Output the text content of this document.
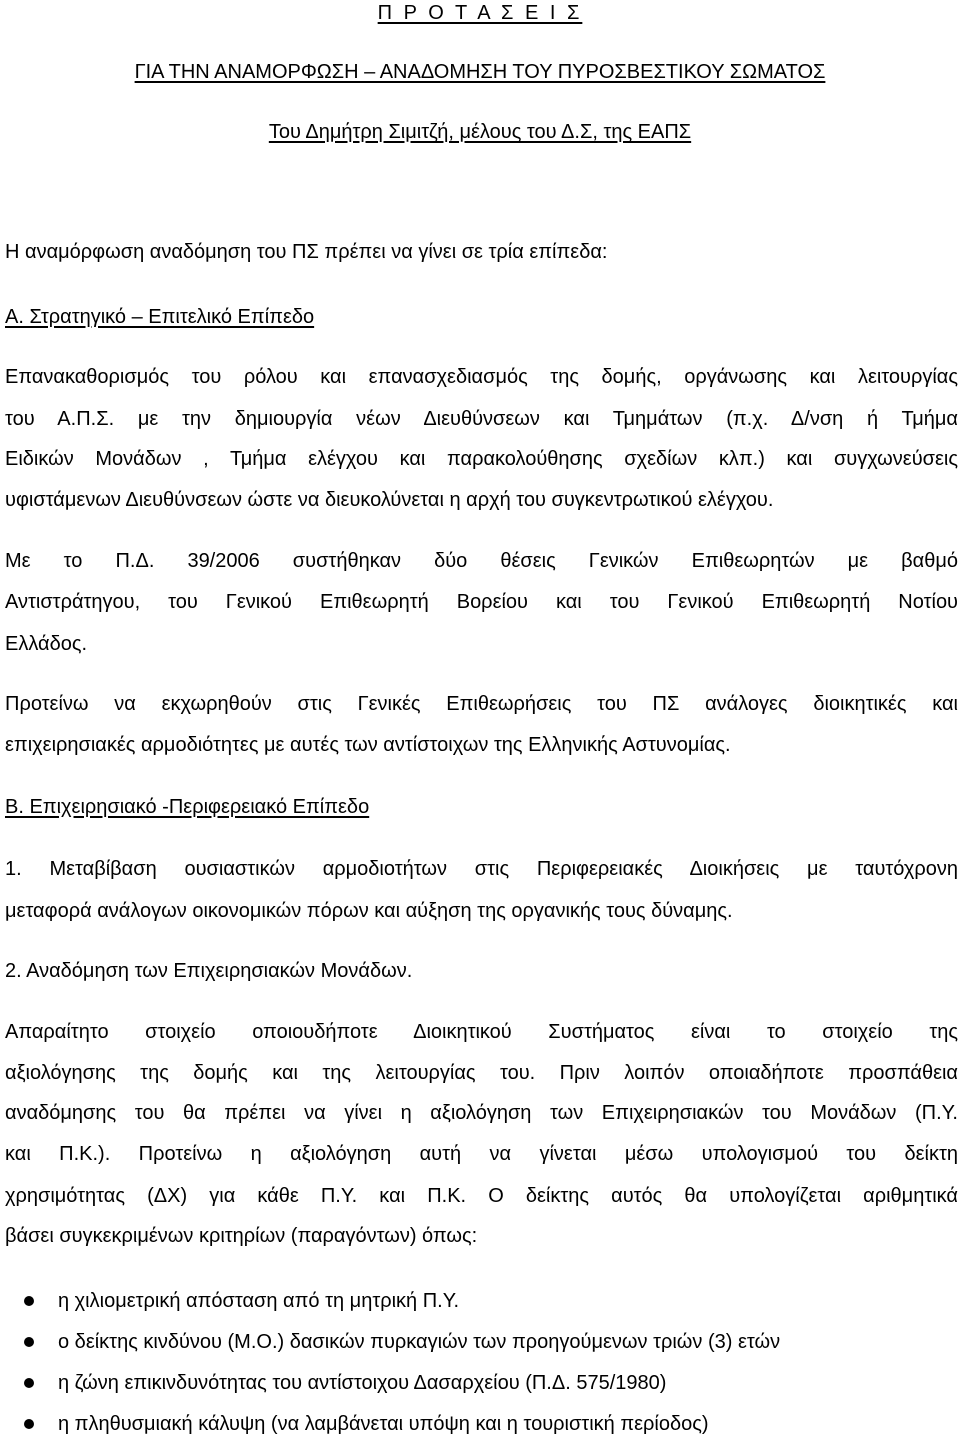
Π Ρ Ο Τ Α Σ Ε Ι Σ
ΓΙΑ ΤΗΝ ΑΝΑΜΟΡΦΩΣΗ – ΑΝΑΔΟΜΗΣΗ ΤΟΥ ΠΥΡΟΣΒΕΣΤΙΚΟΥ ΣΩΜΑΤΟΣ
Του Δημήτρη Σιμιτζή, μέλους του Δ.Σ, της ΕΑΠΣ
Η αναμόρφωση αναδόμηση του ΠΣ πρέπει να γίνει σε τρία επίπεδα:
Α. Στρατηγικό – Επιτελικό Επίπεδο
Επανακαθορισμός του ρόλου και επανασχεδιασμός της δομής, οργάνωσης και λειτουργίας
του Α.Π.Σ. με την δημιουργία νέων Διευθύνσεων και Τμημάτων (π.χ. Δ/νση ή Τμήμα
Ειδικών Μονάδων , Τμήμα ελέγχου και παρακολούθησης σχεδίων κλπ.) και συγχωνεύσεις
υφιστάμενων Διευθύνσεων ώστε να διευκολύνεται η αρχή του συγκεντρωτικού ελέγχου.
Με το Π.Δ. 39/2006 συστήθηκαν δύο θέσεις Γενικών Επιθεωρητών με βαθμό
Αντιστράτηγου, του Γενικού Επιθεωρητή Βορείου και του Γενικού Επιθεωρητή Νοτίου
Ελλάδος.
Προτείνω να εκχωρηθούν στις Γενικές Επιθεωρήσεις του ΠΣ ανάλογες διοικητικές και
επιχειρησιακές αρμοδιότητες με αυτές των αντίστοιχων της Ελληνικής Αστυνομίας.
Β. Επιχειρησιακό -Περιφερειακό Επίπεδο
1. Μεταβίβαση ουσιαστικών αρμοδιοτήτων στις Περιφερειακές Διοικήσεις με ταυτόχρονη
μεταφορά ανάλογων οικονομικών πόρων και αύξηση της οργανικής τους δύναμης.
2. Αναδόμηση των Επιχειρησιακών Μονάδων.
Απαραίτητο στοιχείο οποιουδήποτε Διοικητικού Συστήματος είναι το στοιχείο της
αξιολόγησης της δομής και της λειτουργίας του. Πριν λοιπόν οποιαδήποτε προσπάθεια
αναδόμησης του θα πρέπει να γίνει η αξιολόγηση των Επιχειρησιακών του Μονάδων (Π.Υ.
και Π.Κ.). Προτείνω η αξιολόγηση αυτή να γίνεται μέσω υπολογισμού του δείκτη
χρησιμότητας (ΔΧ) για κάθε Π.Υ. και Π.Κ. Ο δείκτης αυτός θα υπολογίζεται αριθμητικά
βάσει συγκεκριμένων κριτηρίων (παραγόντων) όπως:
η χιλιομετρική απόσταση από τη μητρική Π.Υ.
ο δείκτης κινδύνου (Μ.Ο.) δασικών πυρκαγιών των προηγούμενων τριών (3) ετών
η ζώνη επικινδυνότητας του αντίστοιχου Δασαρχείου (Π.Δ. 575/1980)
η πληθυσμιακή κάλυψη (να λαμβάνεται υπόψη και η τουριστική περίοδος)
